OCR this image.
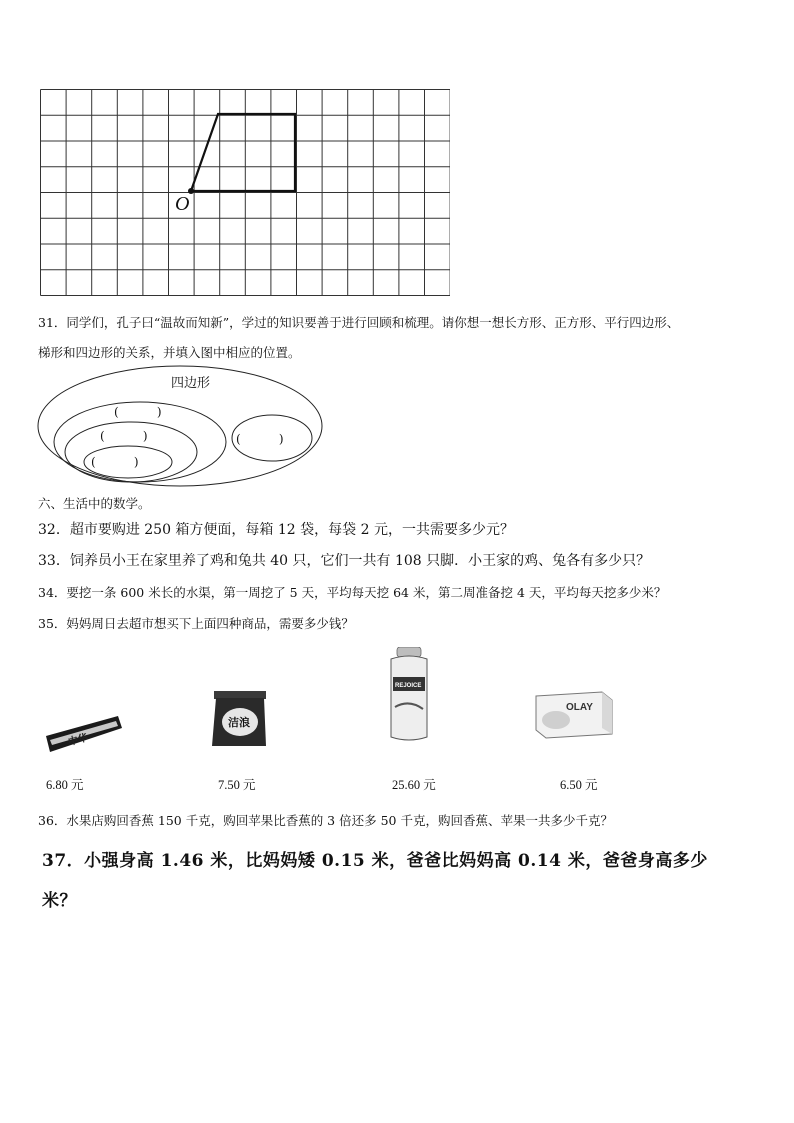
O
31．同学们，孔子曰“温故而知新”，学过的知识要善于进行回顾和梳理。请你想一想长方形、正方形、平行四边形、
梯形和四边形的关系，并填入图中相应的位置。
四边形
(          )
(          )
(          )
(          )
六、生活中的数学。
32．超市要购进 250 箱方便面，每箱 12 袋，每袋 2 元，一共需要多少元？
33．饲养员小王在家里养了鸡和兔共 40 只，它们一共有 108 只脚．小王家的鸡、兔各有多少只？
34．要挖一条 600 米长的水渠，第一周挖了 5 天，平均每天挖 64 米，第二周准备挖 4 天，平均每天挖多少米？
35．妈妈周日去超市想买下上面四种商品，需要多少钱？
中华
6.80 元
洁浪
7.50 元
REJOICE
25.60 元
OLAY
6.50 元
36．水果店购回香蕉 150 千克，购回苹果比香蕉的 3 倍还多 50 千克，购回香蕉、苹果一共多少千克？
37．小强身高 1.46 米，比妈妈矮 0.15 米，爸爸比妈妈高 0.14 米，爸爸身高多少
米？
